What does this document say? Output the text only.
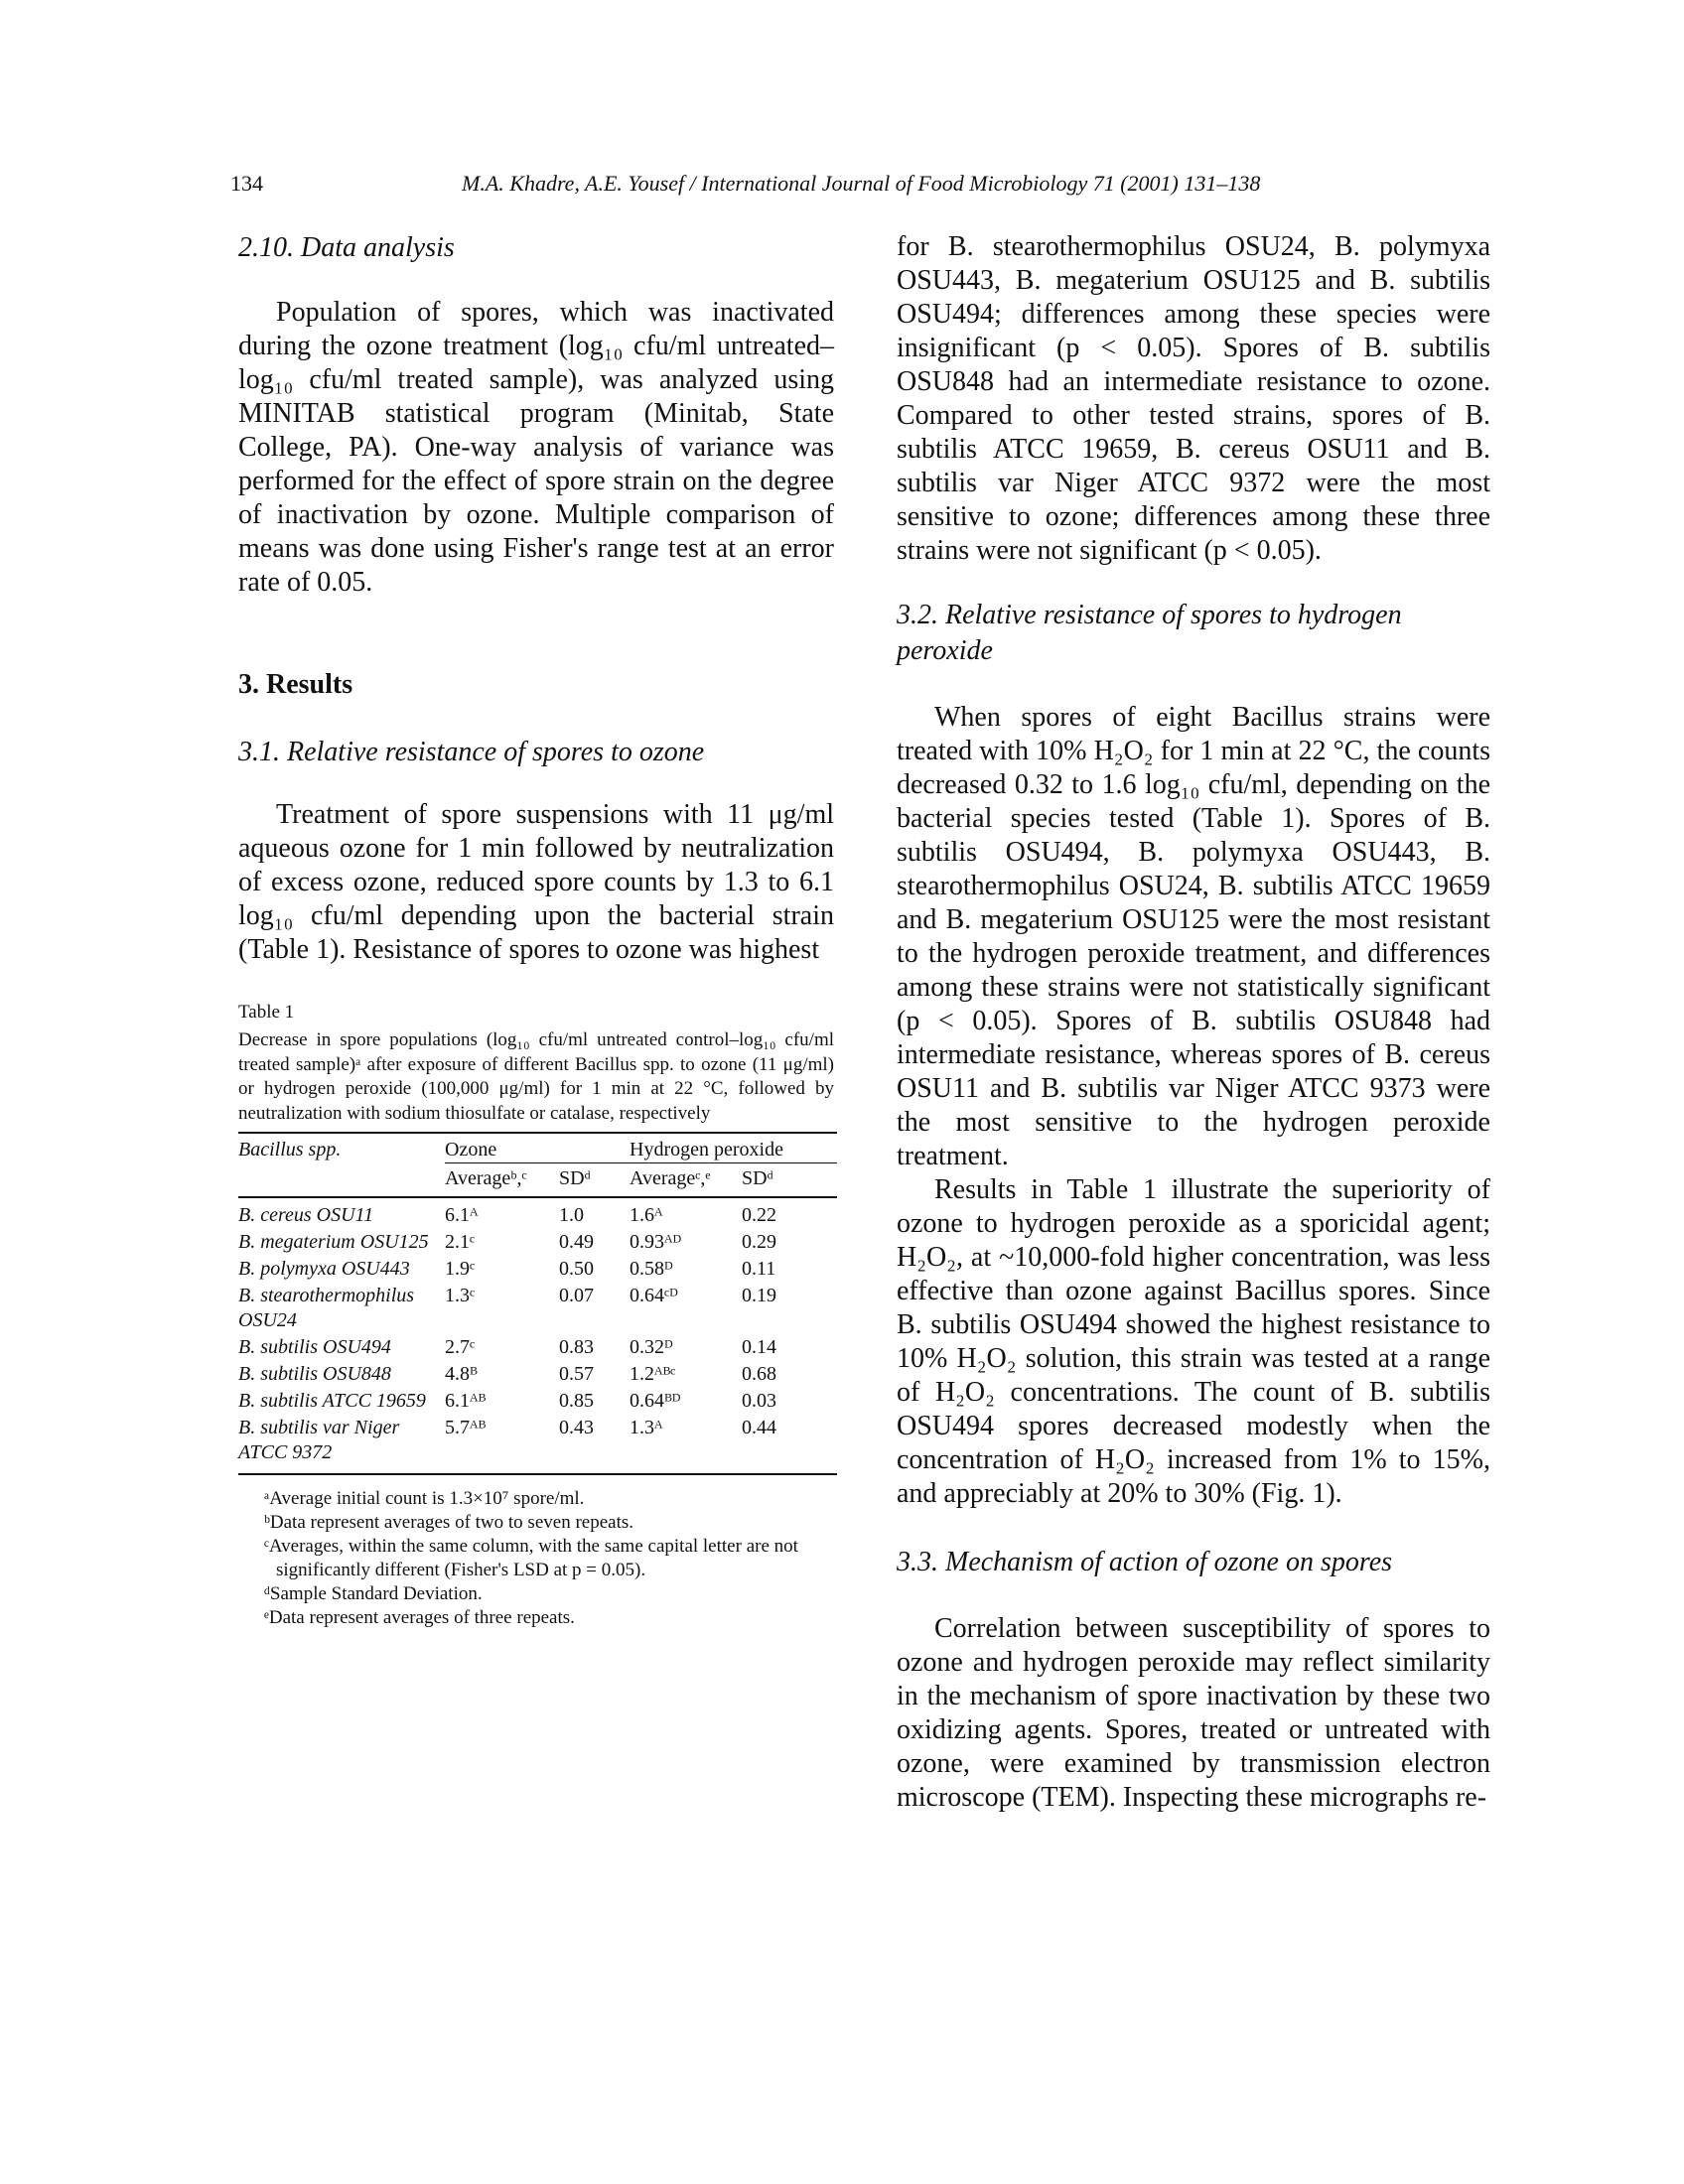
134	M.A. Khadre, A.E. Yousef / International Journal of Food Microbiology 71 (2001) 131–138

2.10. Data analysis

Population of spores, which was inactivated during the ozone treatment (log₁₀ cfu/ml untreated–log₁₀ cfu/ml treated sample), was analyzed using MINITAB statistical program (Minitab, State College, PA). One-way analysis of variance was performed for the effect of spore strain on the degree of inactivation by ozone. Multiple comparison of means was done using Fisher's range test at an error rate of 0.05.

3. Results

3.1. Relative resistance of spores to ozone

Treatment of spore suspensions with 11 μg/ml aqueous ozone for 1 min followed by neutralization of excess ozone, reduced spore counts by 1.3 to 6.1 log₁₀ cfu/ml depending upon the bacterial strain (Table 1). Resistance of spores to ozone was highest

Table 1

Decrease in spore populations (log₁₀ cfu/ml untreated control–log₁₀ cfu/ml treated sample)ᵃ after exposure of different Bacillus spp. to ozone (11 μg/ml) or hydrogen peroxide (100,000 μg/ml) for 1 min at 22 °C, followed by neutralization with sodium thiosulfate or catalase, respectively

Bacillus spp.	Ozone		Hydrogen peroxide	
	Averageᵇ,ᶜ	SDᵈ	Averageᶜ,ᵉ	SDᵈ
B. cereus OSU11	6.1ᴬ	1.0	1.6ᴬ	0.22
B. megaterium OSU125	2.1ᶜ	0.49	0.93ᴬᴰ	0.29
B. polymyxa OSU443	1.9ᶜ	0.50	0.58ᴰ	0.11
B. stearothermophilus OSU24	1.3ᶜ	0.07	0.64ᶜᴰ	0.19
B. subtilis OSU494	2.7ᶜ	0.83	0.32ᴰ	0.14
B. subtilis OSU848	4.8ᴮ	0.57	1.2ᴬᴮᶜ	0.68
B. subtilis ATCC 19659	6.1ᴬᴮ	0.85	0.64ᴮᴰ	0.03
B. subtilis var Niger ATCC 9372	5.7ᴬᴮ	0.43	1.3ᴬ	0.44

ᵃAverage initial count is 1.3×10⁷ spore/ml.

ᵇData represent averages of two to seven repeats.

ᶜAverages, within the same column, with the same capital letter are not significantly different (Fisher's LSD at p = 0.05).

ᵈSample Standard Deviation.

ᵉData represent averages of three repeats.

for B. stearothermophilus OSU24, B. polymyxa OSU443, B. megaterium OSU125 and B. subtilis OSU494; differences among these species were insignificant (p < 0.05). Spores of B. subtilis OSU848 had an intermediate resistance to ozone. Compared to other tested strains, spores of B. subtilis ATCC 19659, B. cereus OSU11 and B. subtilis var Niger ATCC 9372 were the most sensitive to ozone; differences among these three strains were not significant (p < 0.05).

3.2. Relative resistance of spores to hydrogen peroxide

When spores of eight Bacillus strains were treated with 10% H₂O₂ for 1 min at 22 °C, the counts decreased 0.32 to 1.6 log₁₀ cfu/ml, depending on the bacterial species tested (Table 1). Spores of B. subtilis OSU494, B. polymyxa OSU443, B. stearothermophilus OSU24, B. subtilis ATCC 19659 and B. megaterium OSU125 were the most resistant to the hydrogen peroxide treatment, and differences among these strains were not statistically significant (p < 0.05). Spores of B. subtilis OSU848 had intermediate resistance, whereas spores of B. cereus OSU11 and B. subtilis var Niger ATCC 9373 were the most sensitive to the hydrogen peroxide treatment.

Results in Table 1 illustrate the superiority of ozone to hydrogen peroxide as a sporicidal agent; H₂O₂, at ~10,000-fold higher concentration, was less effective than ozone against Bacillus spores. Since B. subtilis OSU494 showed the highest resistance to 10% H₂O₂ solution, this strain was tested at a range of H₂O₂ concentrations. The count of B. subtilis OSU494 spores decreased modestly when the concentration of H₂O₂ increased from 1% to 15%, and appreciably at 20% to 30% (Fig. 1).

3.3. Mechanism of action of ozone on spores

Correlation between susceptibility of spores to ozone and hydrogen peroxide may reflect similarity in the mechanism of spore inactivation by these two oxidizing agents. Spores, treated or untreated with ozone, were examined by transmission electron microscope (TEM). Inspecting these micrographs re-
